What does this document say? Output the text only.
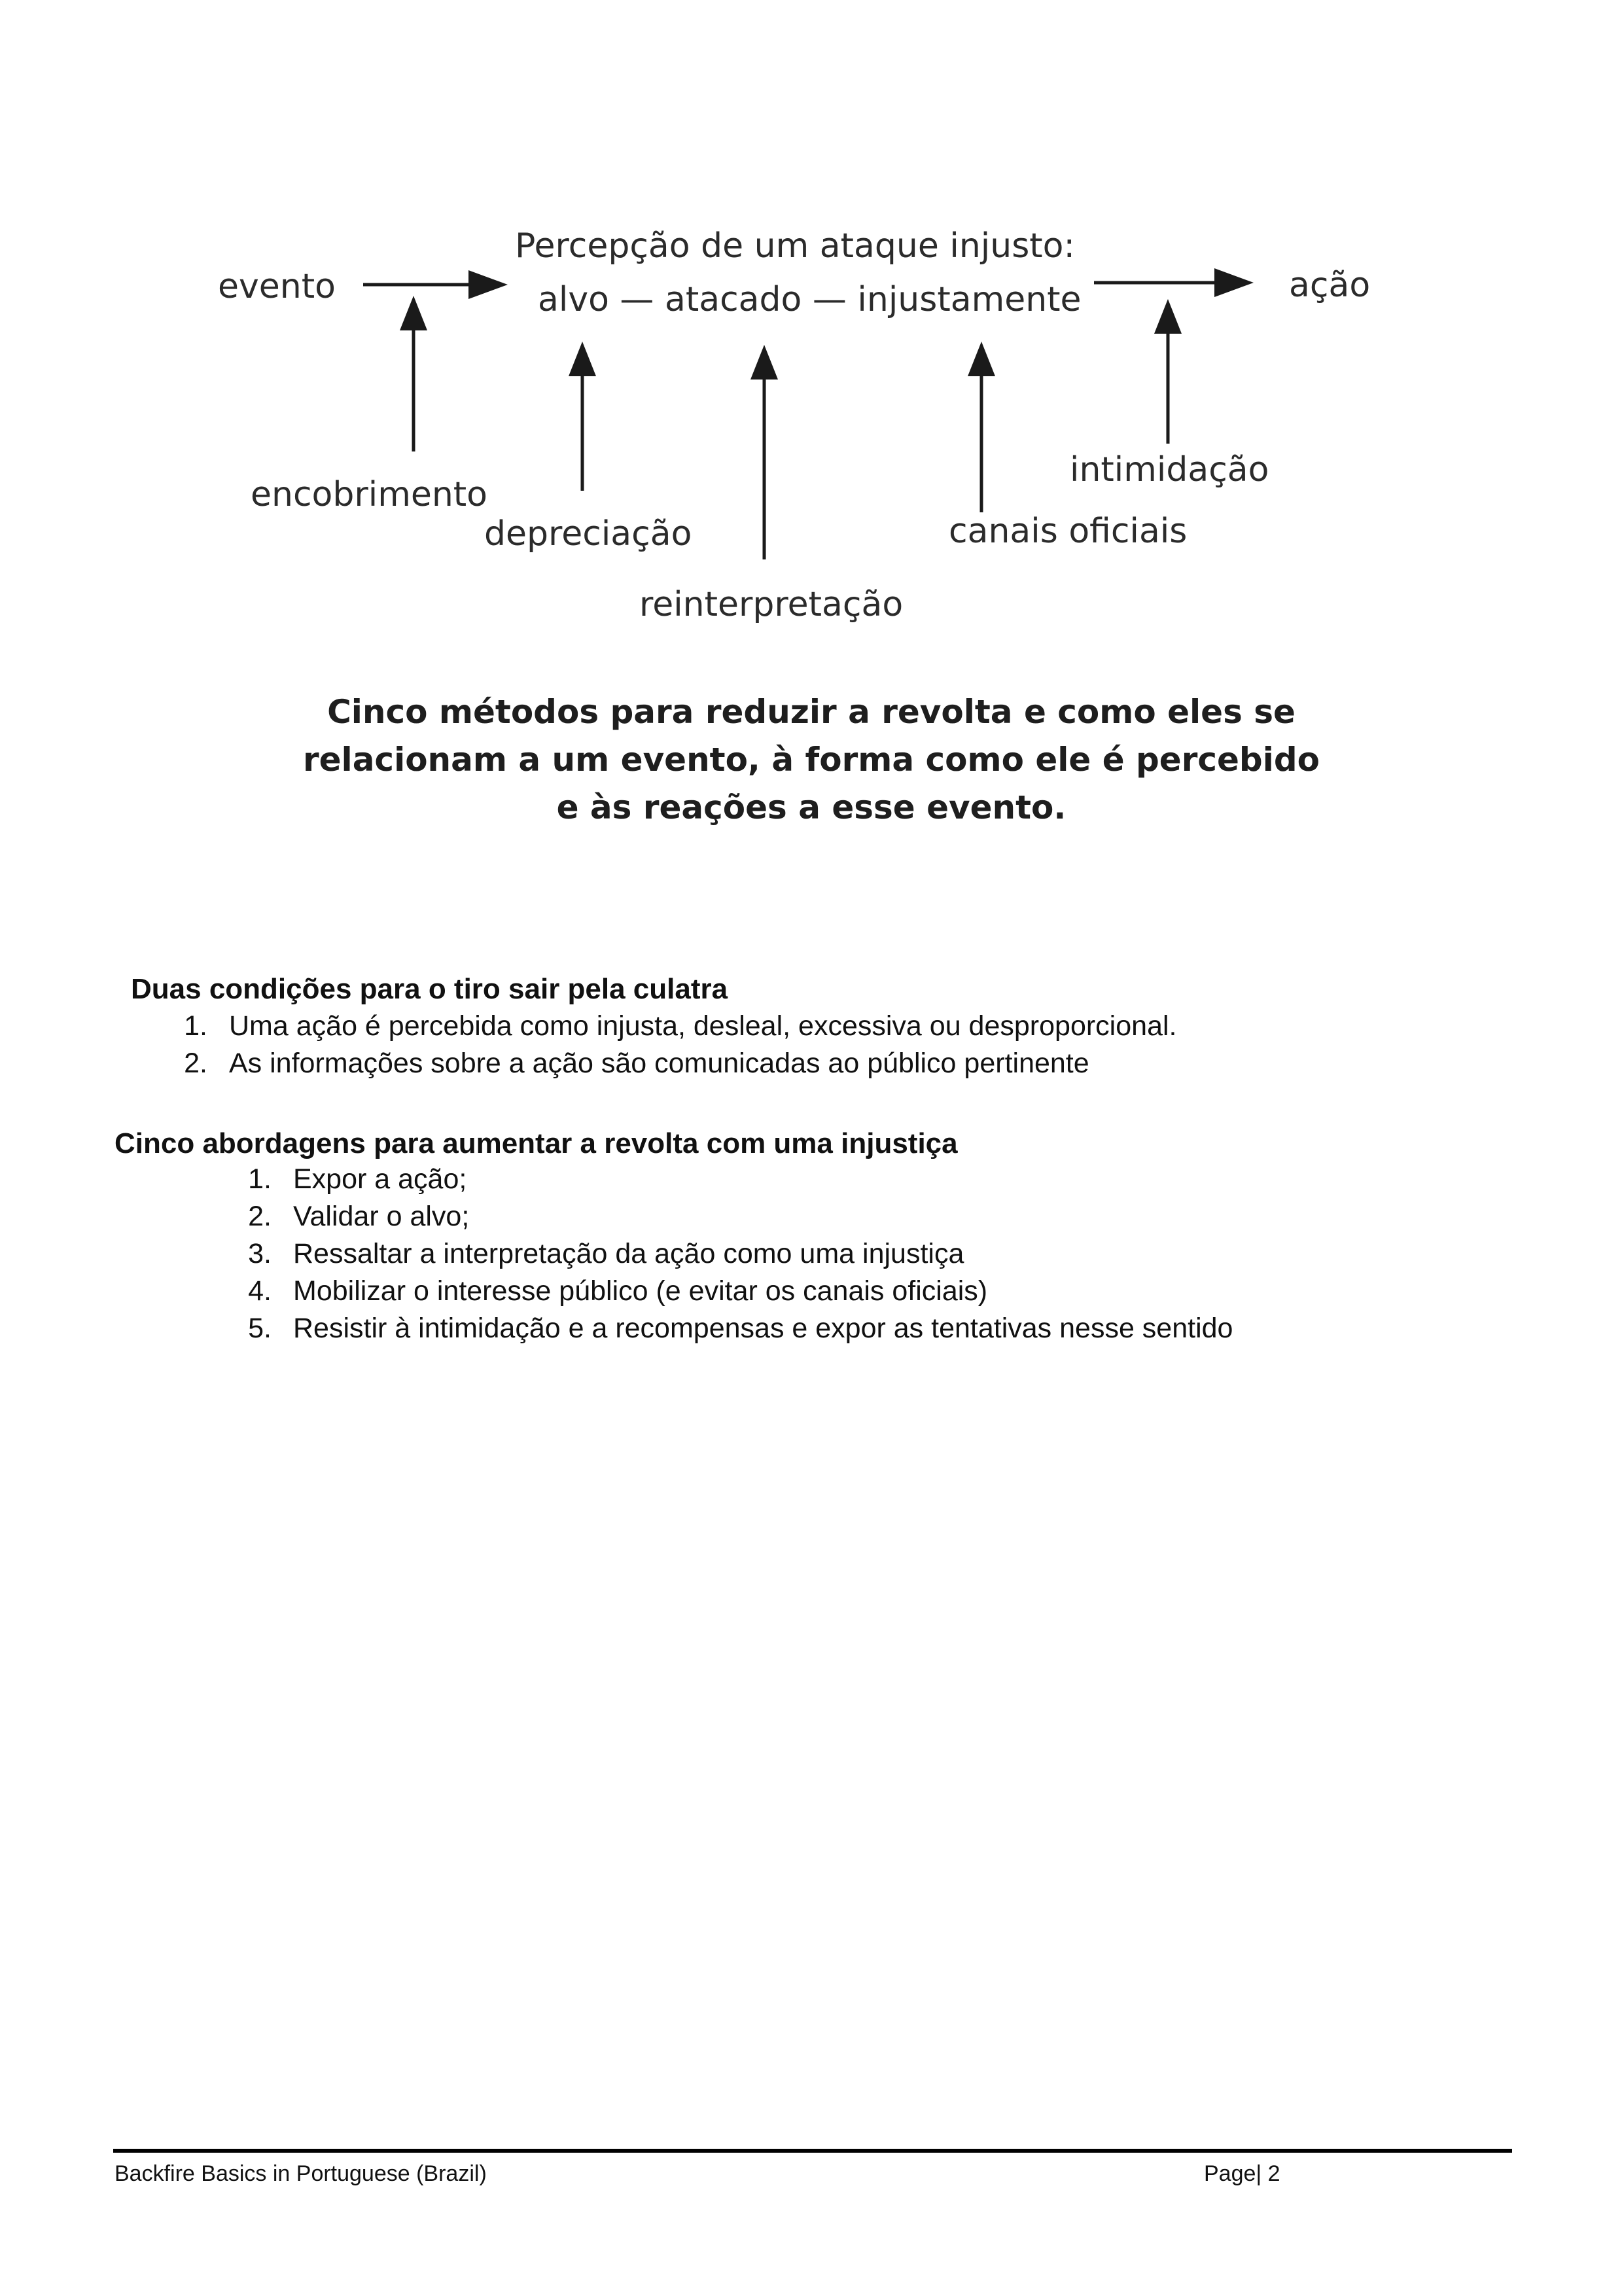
evento
Percepção de um ataque injusto:
alvo — atacado — injustamente	ação
encobrimento
depreciação
reinterpretação
canais oficiais
intimidação
Cinco métodos para reduzir a revolta e como eles se
relacionam a um evento, à forma como ele é percebido
e às reações a esse evento.
Duas condições para o tiro sair pela culatra
1. Uma ação é percebida como injusta, desleal, excessiva ou desproporcional.
2. As informações sobre a ação são comunicadas ao público pertinente
Cinco abordagens para aumentar a revolta com uma injustiça
1. Expor a ação;
2. Validar o alvo;
3. Ressaltar a interpretação da ação como uma injustiça
4. Mobilizar o interesse público (e evitar os canais oficiais)
5. Resistir à intimidação e a recompensas e expor as tentativas nesse sentido
Backfire Basics in Portuguese (Brazil)	Page| 2
